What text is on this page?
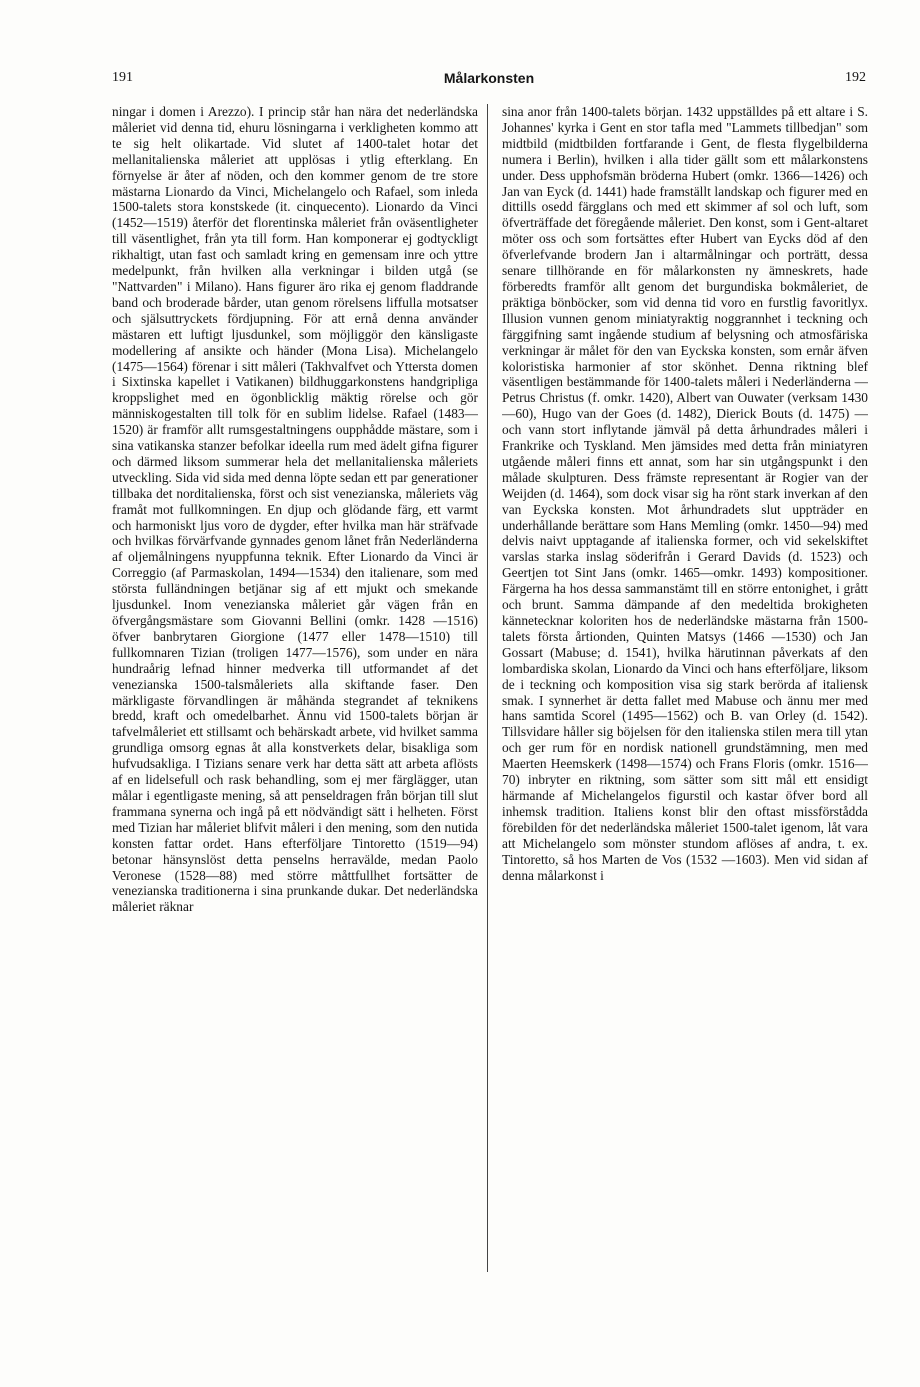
191	Målarkonsten	192

ningar i domen i Arezzo). I princip står han nära det nederländska måleriet vid denna tid, ehuru lösningarna i verkligheten kommo att te sig helt olikartade. Vid slutet af 1400-talet hotar det mellanitalienska måleriet att upplösas i ytlig efterklang. En förnyelse är åter af nöden, och den kommer genom de tre store mästarna Lionardo da Vinci, Michelangelo och Rafael, som inleda 1500-talets stora konstskede (it. cinquecento). Lionardo da Vinci (1452—1519) återför det florentinska måleriet från oväsentligheter till väsentlighet, från yta till form. Han komponerar ej godtyckligt rikhaltigt, utan fast och samladt kring en gemensam inre och yttre medelpunkt, från hvilken alla verkningar i bilden utgå (se "Nattvarden" i Milano). Hans figurer äro rika ej genom fladdrande band och broderade bårder, utan genom rörelsens liffulla motsatser och själsuttryckets fördjupning. För att ernå denna använder mästaren ett luftigt ljusdunkel, som möjliggör den känsligaste modellering af ansikte och händer (Mona Lisa). Michelangelo (1475—1564) förenar i sitt måleri (Takhvalfvet och Yttersta domen i Sixtinska kapellet i Vatikanen) bildhuggarkonstens handgripliga kroppslighet med en ögonblicklig mäktig rörelse och gör människogestalten till tolk för en sublim lidelse. Rafael (1483—1520) är framför allt rumsgestaltningens oupphådde mästare, som i sina vatikanska stanzer befolkar ideella rum med ädelt gifna figurer och därmed liksom summerar hela det mellanitalienska måleriets utveckling. Sida vid sida med denna löpte sedan ett par generationer tillbaka det norditalienska, först och sist venezianska, måleriets väg framåt mot fullkomningen. En djup och glödande färg, ett varmt och harmoniskt ljus voro de dygder, efter hvilka man här sträfvade och hvilkas förvärfvande gynnades genom lånet från Nederländerna af oljemålningens nyuppfunna teknik. Efter Lionardo da Vinci är Correggio (af Parmaskolan, 1494—1534) den italienare, som med största fulländningen betjänar sig af ett mjukt och smekande ljusdunkel. Inom venezianska måleriet går vägen från en öfvergångsmästare som Giovanni Bellini (omkr. 1428 —1516) öfver banbrytaren Giorgione (1477 eller 1478—1510) till fullkomnaren Tizian (troligen 1477—1576), som under en nära hundraårig lefnad hinner medverka till utformandet af det venezianska 1500-talsmåleriets alla skiftande faser. Den märkligaste förvandlingen är måhända stegrandet af teknikens bredd, kraft och omedelbarhet. Ännu vid 1500-talets början är tafvelmåleriet ett stillsamt och behärskadt arbete, vid hvilket samma grundliga omsorg egnas åt alla konstverkets delar, bisakliga som hufvudsakliga. I Tizians senare verk har detta sätt att arbeta aflösts af en lidelsefull och rask behandling, som ej mer färglägger, utan målar i egentligaste mening, så att penseldragen från början till slut frammana synerna och ingå på ett nödvändigt sätt i helheten. Först med Tizian har måleriet blifvit måleri i den mening, som den nutida konsten fattar ordet. Hans efterföljare Tintoretto (1519—94) betonar hänsynslöst detta penselns herravälde, medan Paolo Veronese (1528—88) med större måttfullhet fortsätter de venezianska traditionerna i sina prunkande dukar. Det nederländska måleriet räknar

sina anor från 1400-talets början. 1432 uppställdes på ett altare i S. Johannes' kyrka i Gent en stor tafla med "Lammets tillbedjan" som midtbild (midtbilden fortfarande i Gent, de flesta flygelbilderna numera i Berlin), hvilken i alla tider gällt som ett målarkonstens under. Dess upphofsmän bröderna Hubert (omkr. 1366—1426) och Jan van Eyck (d. 1441) hade framställt landskap och figurer med en dittills osedd färgglans och med ett skimmer af sol och luft, som öfverträffade det föregående måleriet. Den konst, som i Gent-altaret möter oss och som fortsättes efter Hubert van Eycks död af den öfverlefvande brodern Jan i altarmålningar och porträtt, dessa senare tillhörande en för målarkonsten ny ämneskrets, hade förberedts framför allt genom det burgundiska bokmåleriet, de präktiga bönböcker, som vid denna tid voro en furstlig favoritlyx. Illusion vunnen genom miniatyraktig noggrannhet i teckning och färggifning samt ingående studium af belysning och atmosfäriska verkningar är målet för den van Eyckska konsten, som ernår äfven koloristiska harmonier af stor skönhet. Denna riktning blef väsentligen bestämmande för 1400-talets måleri i Nederländerna — Petrus Christus (f. omkr. 1420), Albert van Ouwater (verksam 1430—60), Hugo van der Goes (d. 1482), Dierick Bouts (d. 1475) — och vann stort inflytande jämväl på detta århundrades måleri i Frankrike och Tyskland. Men jämsides med detta från miniatyren utgående måleri finns ett annat, som har sin utgångspunkt i den målade skulpturen. Dess främste representant är Rogier van der Weijden (d. 1464), som dock visar sig ha rönt stark inverkan af den van Eyckska konsten. Mot århundradets slut uppträder en underhållande berättare som Hans Memling (omkr. 1450—94) med delvis naivt upptagande af italienska former, och vid sekelskiftet varslas starka inslag söderifrån i Gerard Davids (d. 1523) och Geertjen tot Sint Jans (omkr. 1465—omkr. 1493) kompositioner. Färgerna ha hos dessa sammanstämt till en större entonighet, i grått och brunt. Samma dämpande af den medeltida brokigheten kännetecknar koloriten hos de nederländske mästarna från 1500-talets första årtionden, Quinten Matsys (1466 —1530) och Jan Gossart (Mabuse; d. 1541), hvilka härutinnan påverkats af den lombardiska skolan, Lionardo da Vinci och hans efterföljare, liksom de i teckning och komposition visa sig stark berörda af italiensk smak. I synnerhet är detta fallet med Mabuse och ännu mer med hans samtida Scorel (1495—1562) och B. van Orley (d. 1542). Tillsvidare håller sig böjelsen för den italienska stilen mera till ytan och ger rum för en nordisk nationell grundstämning, men med Maerten Heemskerk (1498—1574) och Frans Floris (omkr. 1516—70) inbryter en riktning, som sätter som sitt mål ett ensidigt härmande af Michelangelos figurstil och kastar öfver bord all inhemsk tradition. Italiens konst blir den oftast missförstådda förebilden för det nederländska måleriet 1500-talet igenom, låt vara att Michelangelo som mönster stundom aflöses af andra, t. ex. Tintoretto, så hos Marten de Vos (1532 —1603). Men vid sidan af denna målarkonst i
